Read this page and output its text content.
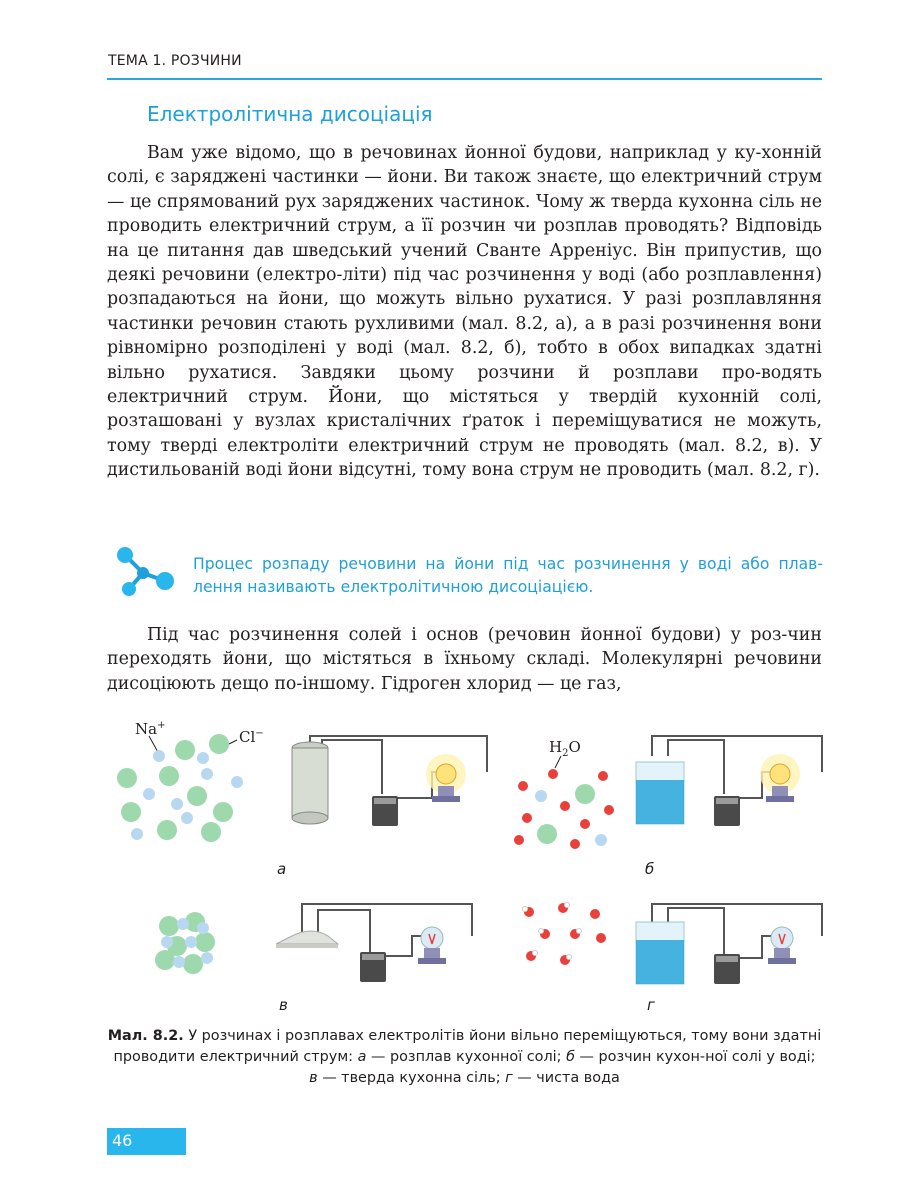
ТЕМА 1. РОЗЧИНИ
Електролітична дисоціація

Вам уже відомо, що в речовинах йонної будови, наприклад у ку-хонній солі, є заряджені частинки — йони. Ви також знаєте, що електричний струм — це спрямований рух заряджених частинок. Чому ж тверда кухонна сіль не проводить електричний струм, а її розчин чи розплав проводять? Відповідь на це питання дав шведський учений Сванте Арреніус. Він припустив, що деякі речовини (електро-літи) під час розчинення у воді (або розплавлення) розпадаються на йони, що можуть вільно рухатися. У разі розплавляння частинки речовин стають рухливими (мал. 8.2, а), а в разі розчинення вони рівномірно розподілені у воді (мал. 8.2, б), тобто в обох випадках здатні вільно рухатися. Завдяки цьому розчини й розплави про-водять електричний струм. Йони, що містяться у твердій кухонній солі, розташовані у вузлах кристалічних ґраток і переміщуватися не можуть, тому тверді електроліти електричний струм не проводять (мал. 8.2, в). У дистильованій воді йони відсутні, тому вона струм не проводить (мал. 8.2, г).

Процес розпаду речовини на йони під час розчинення у воді або плав-лення називають електролітичною дисоціацією.

Під час розчинення солей і основ (речовин йонної будови) у роз-чин переходять йони, що містяться в їхньому складі. Молекулярні речовини дисоціюють дещо по-іншому. Гідроген хлорид — це газ,

Na+
Cl−
а
$H_2O$
б
в	г

Мал. 8.2. У розчинах і розплавах електролітів йони вільно переміщуються, тому вони здатні проводити електричний струм: а — розплав кухонної солі; б — розчин кухон-ної солі у воді; в — тверда кухонна сіль; г — чиста вода

46
